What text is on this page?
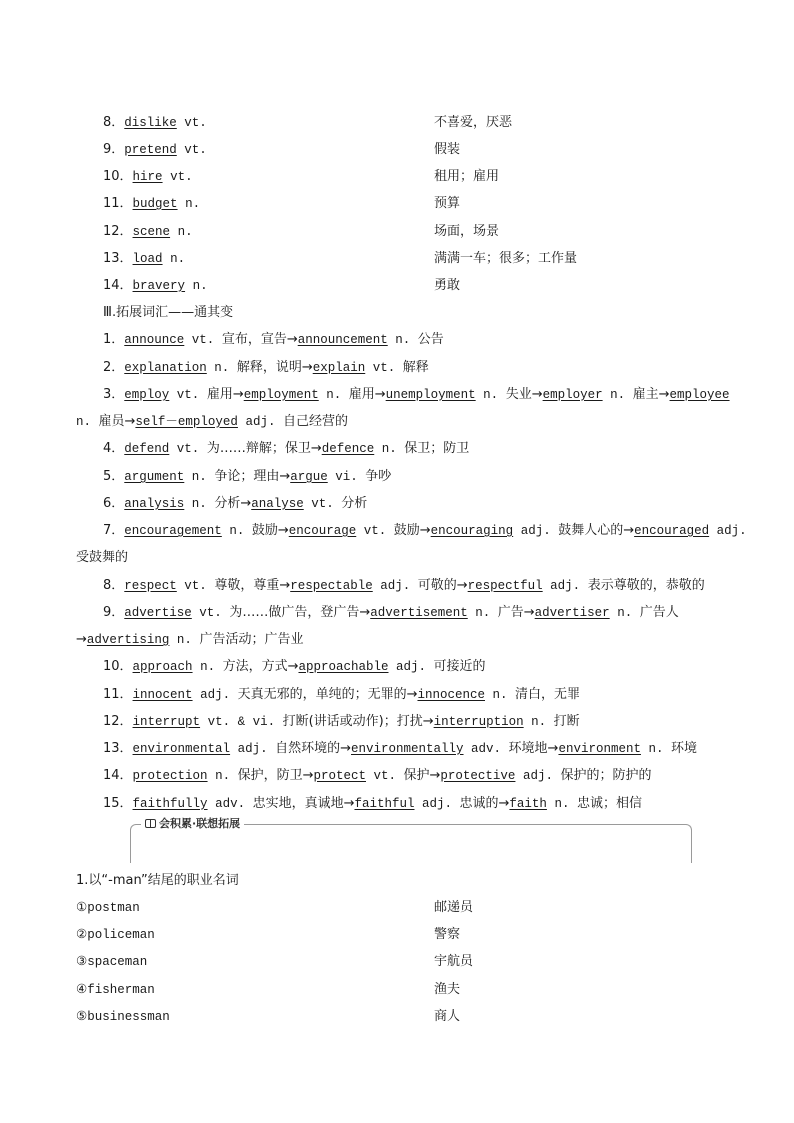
8．dislike vt.	不喜爱，厌恶
9．pretend vt.	假装
10．hire vt.	租用；雇用
11．budget n.	预算
12．scene n.	场面，场景
13．load n.	满满一车；很多；工作量
14．bravery n.	勇敢
Ⅲ.拓展词汇——通其变
1．announce vt. 宣布，宣告→announcement n. 公告
2．explanation n. 解释，说明→explain vt. 解释
3．employ vt. 雇用→employment n. 雇用→unemployment n. 失业→employer n. 雇主→employee
n. 雇员→self－employed adj. 自己经营的
4．defend vt. 为……辩解；保卫→defence n. 保卫；防卫
5．argument n. 争论；理由→argue vi. 争吵
6．analysis n. 分析→analyse vt. 分析
7．encouragement n. 鼓励→encourage vt. 鼓励→encouraging adj. 鼓舞人心的→encouraged adj.
受鼓舞的
8．respect vt. 尊敬，尊重→respectable adj. 可敬的→respectful adj. 表示尊敬的，恭敬的
9．advertise vt. 为……做广告，登广告→advertisement n. 广告→advertiser n. 广告人
→advertising n. 广告活动；广告业
10．approach n. 方法，方式→approachable adj. 可接近的
11．innocent adj. 天真无邪的，单纯的；无罪的→innocence n. 清白，无罪
12．interrupt vt. & vi. 打断(讲话或动作)；打扰→interruption n. 打断
13．environmental adj. 自然环境的→environmentally adv. 环境地→environment n. 环境
14．protection n. 保护，防卫→protect vt. 保护→protective adj. 保护的；防护的
15．faithfully adv. 忠实地，真诚地→faithful adj. 忠诚的→faith n. 忠诚；相信
会积累·联想拓展
1.以“-man”结尾的职业名词
①postman	邮递员
②policeman	警察
③spaceman	宇航员
④fisherman	渔夫
⑤businessman	商人
